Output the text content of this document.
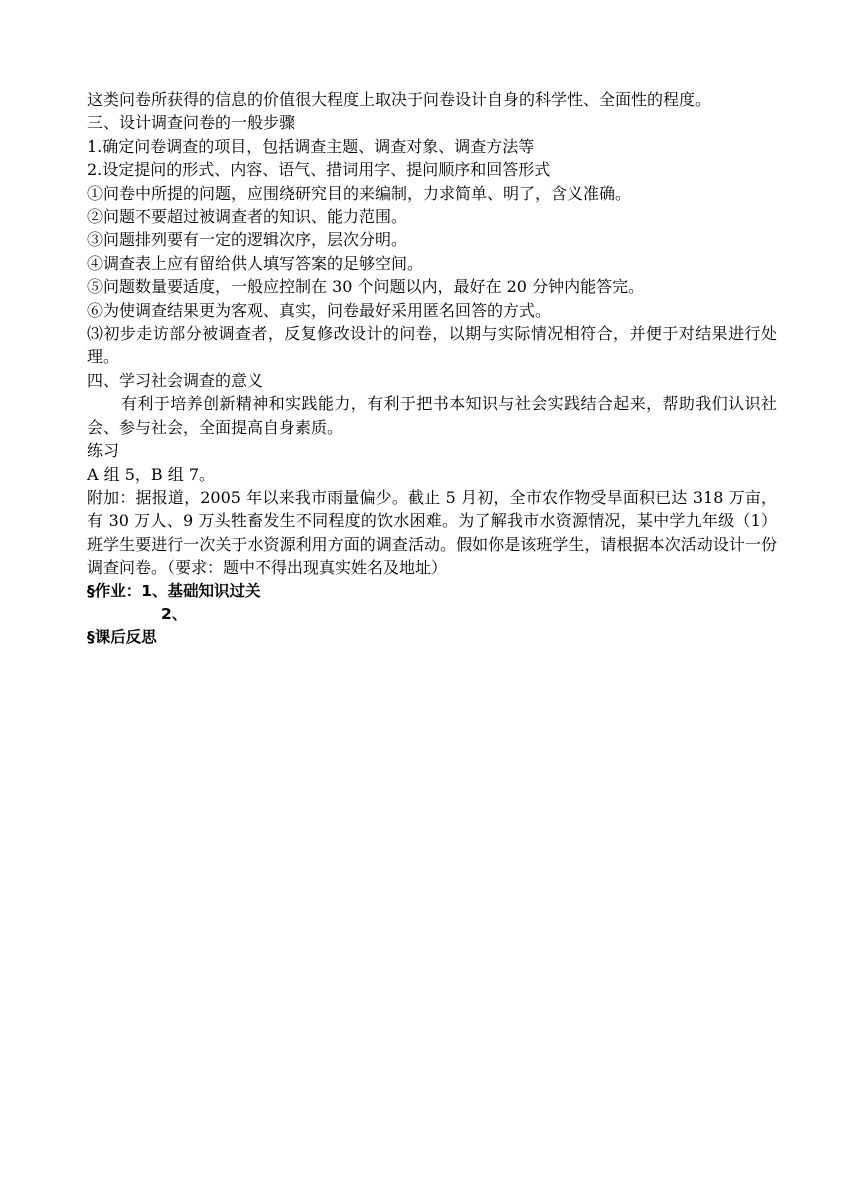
这类问卷所获得的信息的价值很大程度上取决于问卷设计自身的科学性、全面性的程度。
三、设计调查问卷的一般步骤
1.确定问卷调查的项目，包括调查主题、调查对象、调查方法等
2.设定提问的形式、内容、语气、措词用字、提问顺序和回答形式
①问卷中所提的问题，应围绕研究目的来编制，力求简单、明了，含义准确。
②问题不要超过被调查者的知识、能力范围。
③问题排列要有一定的逻辑次序，层次分明。
④调查表上应有留给供人填写答案的足够空间。
⑤问题数量要适度，一般应控制在 30 个问题以内，最好在 20 分钟内能答完。
⑥为使调查结果更为客观、真实，问卷最好采用匿名回答的方式。
⑶初步走访部分被调查者，反复修改设计的问卷，以期与实际情况相符合，并便于对结果进行处理。
四、学习社会调查的意义
有利于培养创新精神和实践能力，有利于把书本知识与社会实践结合起来，帮助我们认识社会、参与社会，全面提高自身素质。
练习
A 组 5，B 组 7。
附加：据报道，2005 年以来我市雨量偏少。截止 5 月初，全市农作物受旱面积已达 318 万亩，有 30 万人、9 万头牲畜发生不同程度的饮水困难。为了解我市水资源情况，某中学九年级（1）班学生要进行一次关于水资源利用方面的调查活动。假如你是该班学生，请根据本次活动设计一份调查问卷。（要求：题中不得出现真实姓名及地址）
§作业：1、基础知识过关
2、
§课后反思
